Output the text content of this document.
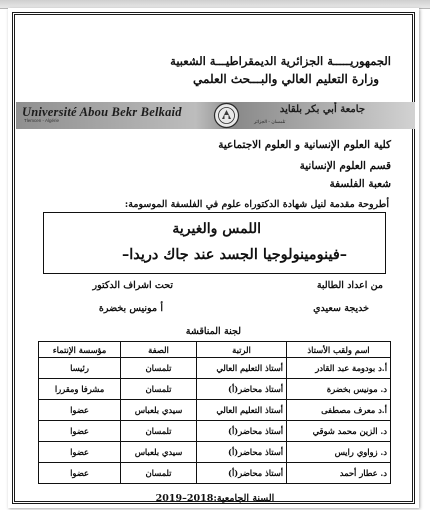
الجمهوريـــــة الجزائرية الديمقراطيـــة الشعبية
وزارة التعليم العالي والبـــحث العلمي
Université Abou Bekr Belkaid
Tlemcen - Algérie
جامعة أبي بكر بلقايد
تلمسان - الجزائر
كلية العلوم الإنسانية و العلوم الاجتماعية
قسم العلوم الإنسانية
شعبة الفلسفة
أطروحة مقدمة لنيل شهادة الدكتوراه علوم في الفلسفة الموسومة:
اللمس والغيرية
–فينومينولوجيا الجسد عند جاك دريدا–
من اعداد الطالبة
تحت اشراف الدكتور
خديجة سعيدي
أ مونيس بخضرة
لجنة المناقشة
اسم ولقب الأستاذ	الرتبة	الصفة	مؤسسة الإنتماء
أ.د بودومة عبد القادر	أستاذ التعليم العالي	تلمسان	رئيسا
د. مونيس بخضرة	أستاذ محاضر(أ)	تلمسان	مشرفا ومقررا
أ.د معرف مصطفى	أستاذ التعليم العالي	سيدي بلعباس	عضوا
د. الزين محمد شوقي	أستاذ محاضر(أ)	تلمسان	عضوا
د. زواوي رايس	أستاذ محاضر(أ)	سيدي بلعباس	عضوا
د. عطار أحمد	أستاذ محاضر(أ)	تلمسان	عضوا
السنة الجامعية:2018–2019
